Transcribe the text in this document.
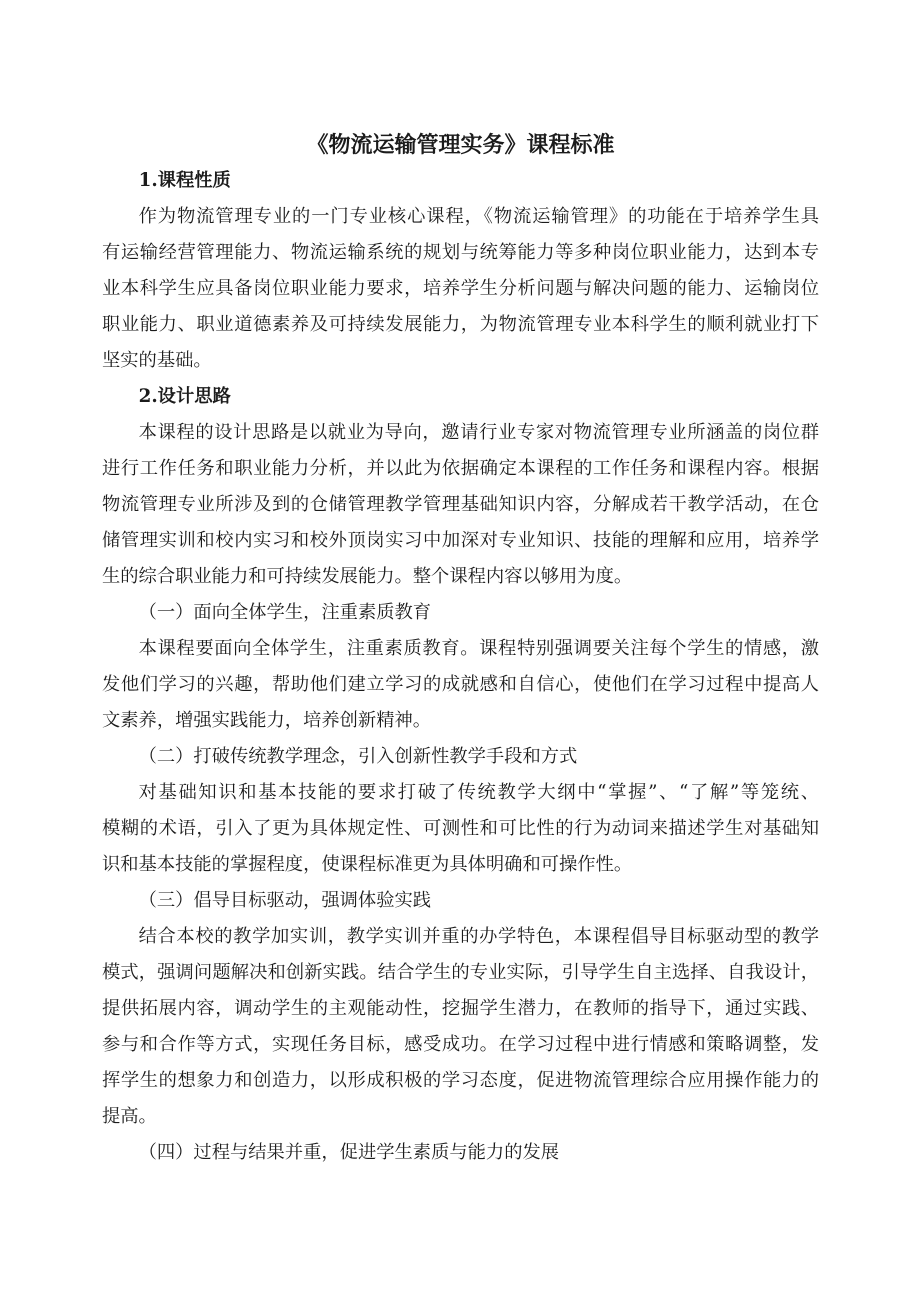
《物流运输管理实务》课程标准
1.课程性质
作为物流管理专业的一门专业核心课程，《物流运输管理》的功能在于培养学生具
有运输经营管理能力、物流运输系统的规划与统筹能力等多种岗位职业能力，达到本专
业本科学生应具备岗位职业能力要求，培养学生分析问题与解决问题的能力、运输岗位
职业能力、职业道德素养及可持续发展能力，为物流管理专业本科学生的顺利就业打下
坚实的基础。
2.设计思路
本课程的设计思路是以就业为导向，邀请行业专家对物流管理专业所涵盖的岗位群
进行工作任务和职业能力分析，并以此为依据确定本课程的工作任务和课程内容。根据
物流管理专业所涉及到的仓储管理教学管理基础知识内容，分解成若干教学活动，在仓
储管理实训和校内实习和校外顶岗实习中加深对专业知识、技能的理解和应用，培养学
生的综合职业能力和可持续发展能力。整个课程内容以够用为度。
（一）面向全体学生，注重素质教育
本课程要面向全体学生，注重素质教育。课程特别强调要关注每个学生的情感，激
发他们学习的兴趣，帮助他们建立学习的成就感和自信心，使他们在学习过程中提高人
文素养，增强实践能力，培养创新精神。
（二）打破传统教学理念，引入创新性教学手段和方式
对基础知识和基本技能的要求打破了传统教学大纲中“掌握”、“了解”等笼统、
模糊的术语，引入了更为具体规定性、可测性和可比性的行为动词来描述学生对基础知
识和基本技能的掌握程度，使课程标准更为具体明确和可操作性。
（三）倡导目标驱动，强调体验实践
结合本校的教学加实训，教学实训并重的办学特色，本课程倡导目标驱动型的教学
模式，强调问题解决和创新实践。结合学生的专业实际，引导学生自主选择、自我设计，
提供拓展内容，调动学生的主观能动性，挖掘学生潜力，在教师的指导下，通过实践、
参与和合作等方式，实现任务目标，感受成功。在学习过程中进行情感和策略调整，发
挥学生的想象力和创造力，以形成积极的学习态度，促进物流管理综合应用操作能力的
提高。
（四）过程与结果并重，促进学生素质与能力的发展
